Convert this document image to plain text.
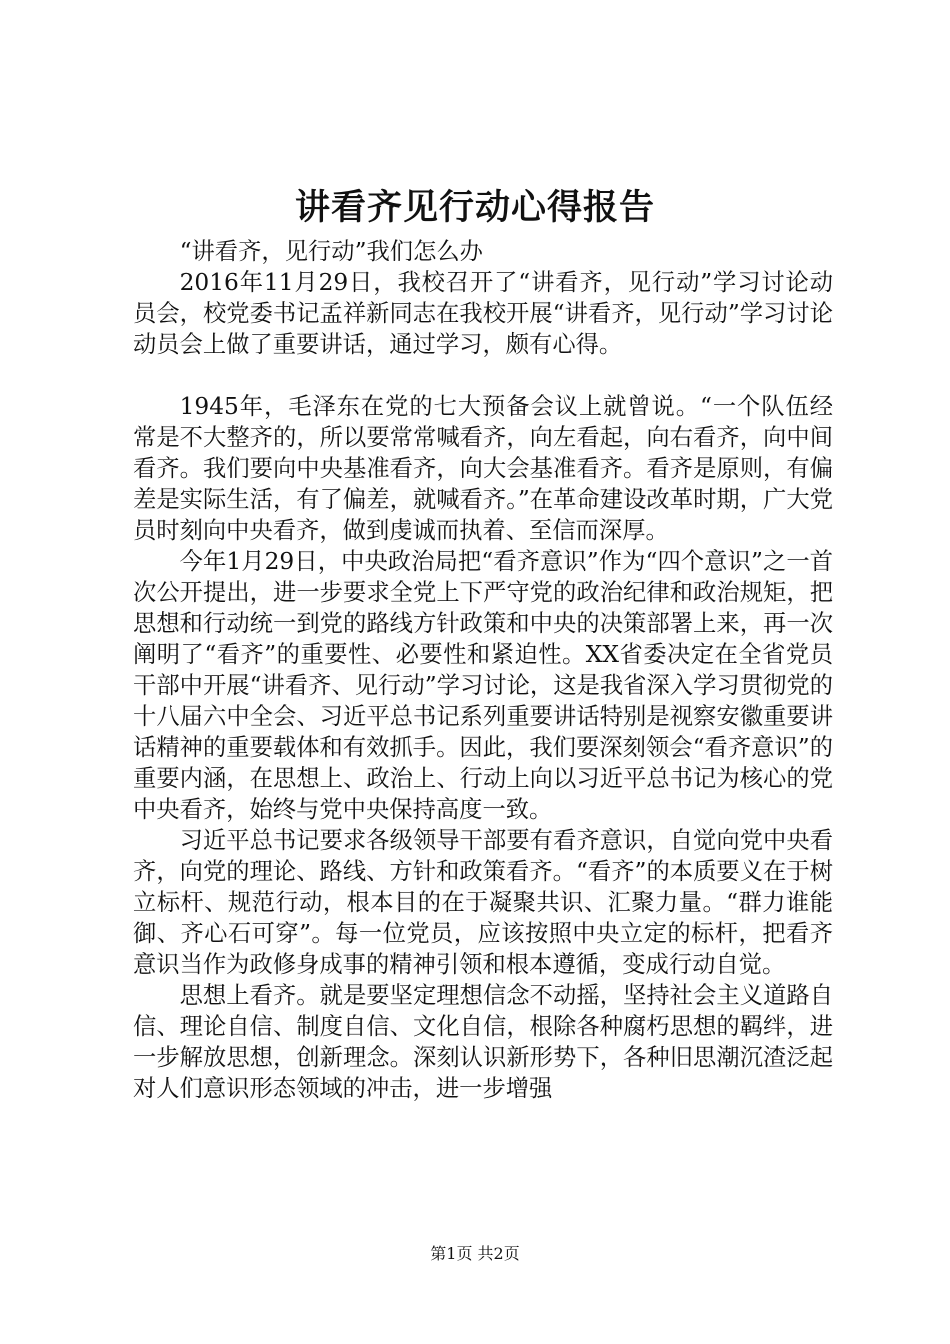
讲看齐见行动心得报告

“讲看齐，见行动”我们怎么办

2016年11月29日，我校召开了“讲看齐，见行动”学习讨论动员会，校党委书记孟祥新同志在我校开展“讲看齐，见行动”学习讨论动员会上做了重要讲话，通过学习，颇有心得。

1945年，毛泽东在党的七大预备会议上就曾说。“一个队伍经常是不大整齐的，所以要常常喊看齐，向左看起，向右看齐，向中间看齐。我们要向中央基准看齐，向大会基准看齐。看齐是原则，有偏差是实际生活，有了偏差，就喊看齐。”在革命建设改革时期，广大党员时刻向中央看齐，做到虔诚而执着、至信而深厚。

今年1月29日，中央政治局把“看齐意识”作为“四个意识”之一首次公开提出，进一步要求全党上下严守党的政治纪律和政治规矩，把思想和行动统一到党的路线方针政策和中央的决策部署上来，再一次阐明了“看齐”的重要性、必要性和紧迫性。XX省委决定在全省党员干部中开展“讲看齐、见行动”学习讨论，这是我省深入学习贯彻党的十八届六中全会、习近平总书记系列重要讲话特别是视察安徽重要讲话精神的重要载体和有效抓手。因此，我们要深刻领会“看齐意识”的重要内涵，在思想上、政治上、行动上向以习近平总书记为核心的党中央看齐，始终与党中央保持高度一致。

习近平总书记要求各级领导干部要有看齐意识，自觉向党中央看齐，向党的理论、路线、方针和政策看齐。“看齐”的本质要义在于树立标杆、规范行动，根本目的在于凝聚共识、汇聚力量。“群力谁能御、齐心石可穿”。每一位党员，应该按照中央立定的标杆，把看齐意识当作为政修身成事的精神引领和根本遵循，变成行动自觉。

思想上看齐。就是要坚定理想信念不动摇，坚持社会主义道路自信、理论自信、制度自信、文化自信，根除各种腐朽思想的羁绊，进一步解放思想，创新理念。深刻认识新形势下，各种旧思潮沉渣泛起对人们意识形态领域的冲击，进一步增强

第1页 共2页
